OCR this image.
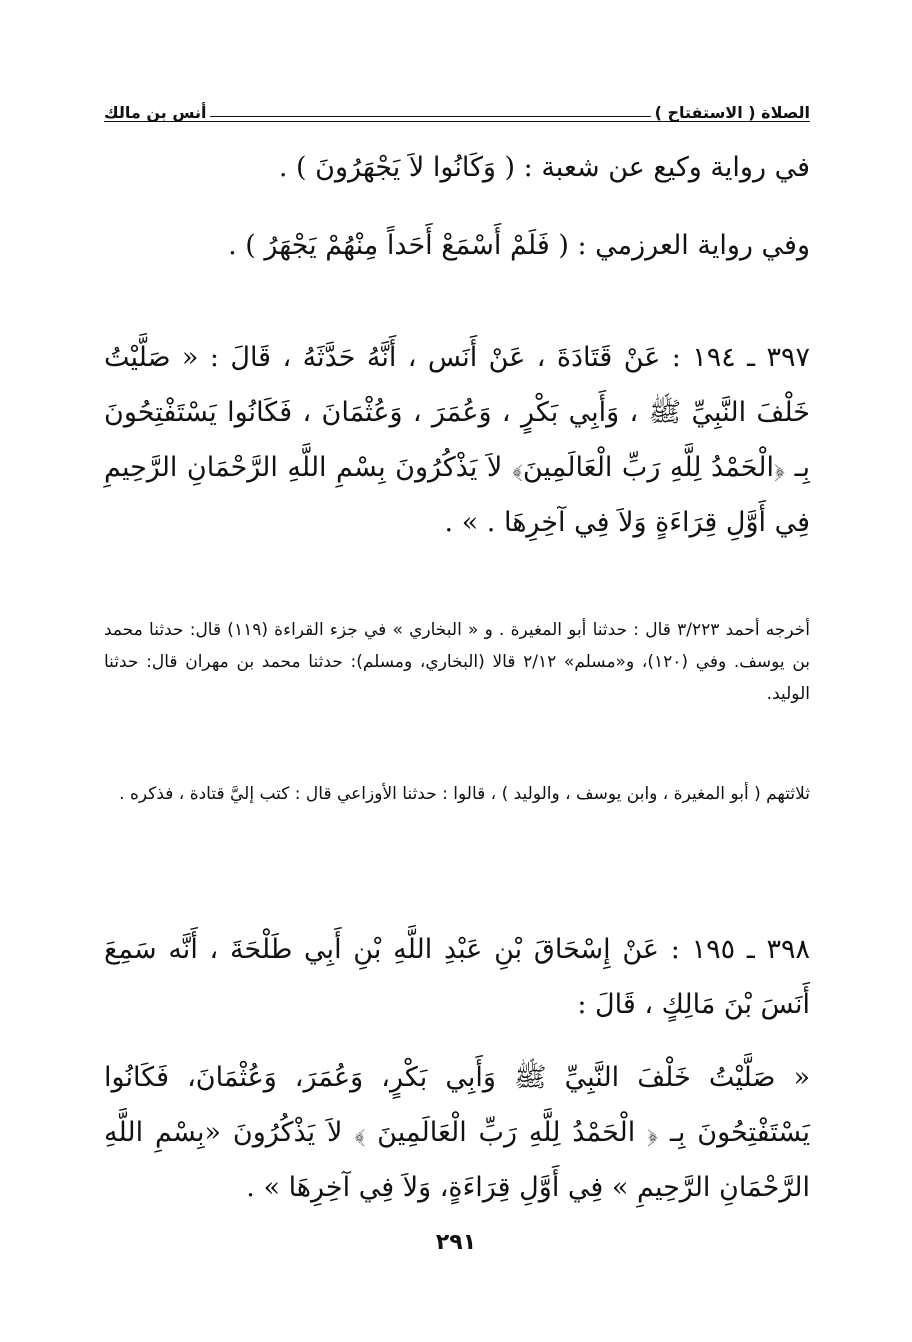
الصلاة ( الاستفتاح )
أنس بن مالك
في رواية وكيع عن شعبة : ( وَكَانُوا لاَ يَجْهَرُونَ ) .
وفي رواية العرزمي : ( فَلَمْ أَسْمَعْ أَحَداً مِنْهُمْ يَجْهَرُ ) .
٣٩٧ ـ ١٩٤ : عَنْ قَتَادَةَ ، عَنْ أَنَس ، أَنَّهُ حَدَّثَهُ ، قَالَ : « صَلَّيْتُ خَلْفَ النَّبِيِّ ﷺ ، وَأَبِي بَكْرٍ ، وَعُمَرَ ، وَعُثْمَانَ ، فَكَانُوا يَسْتَفْتِحُونَ بِـ ﴿الْحَمْدُ لِلَّهِ رَبِّ الْعَالَمِينَ﴾ لاَ يَذْكُرُونَ بِسْمِ اللَّهِ الرَّحْمَانِ الرَّحِيمِ فِي أَوَّلِ قِرَاءَةٍ وَلاَ فِي آخِرِهَا . » .
أخرجه أحمد ٣/٢٢٣ قال : حدثنا أبو المغيرة . و « البخاري » في جزء القراءة (١١٩) قال: حدثنا محمد بن يوسف. وفي (١٢٠)، و«مسلم» ٢/١٢ قالا (البخاري، ومسلم): حدثنا محمد بن مهران قال: حدثنا الوليد.
ثلاثتهم ( أبو المغيرة ، وابن يوسف ، والوليد ) ، قالوا : حدثنا الأوزاعي قال : كتب إليَّ قتادة ، فذكره .
٣٩٨ ـ ١٩٥ : عَنْ إِسْحَاقَ بْنِ عَبْدِ اللَّهِ بْنِ أَبِي طَلْحَةَ ، أَنَّه سَمِعَ أَنَسَ بْنَ مَالِكٍ ، قَالَ :
« صَلَّيْتُ خَلْفَ النَّبِيِّ ﷺ وَأَبِي بَكْرٍ، وَعُمَرَ، وَعُثْمَانَ، فَكَانُوا يَسْتَفْتِحُونَ بِـ ﴿ الْحَمْدُ لِلَّهِ رَبِّ الْعَالَمِينَ ﴾ لاَ يَذْكُرُونَ «بِسْمِ اللَّهِ الرَّحْمَانِ الرَّحِيمِ » فِي أَوَّلِ قِرَاءَةٍ، وَلاَ فِي آخِرِهَا » .
٢٩١
